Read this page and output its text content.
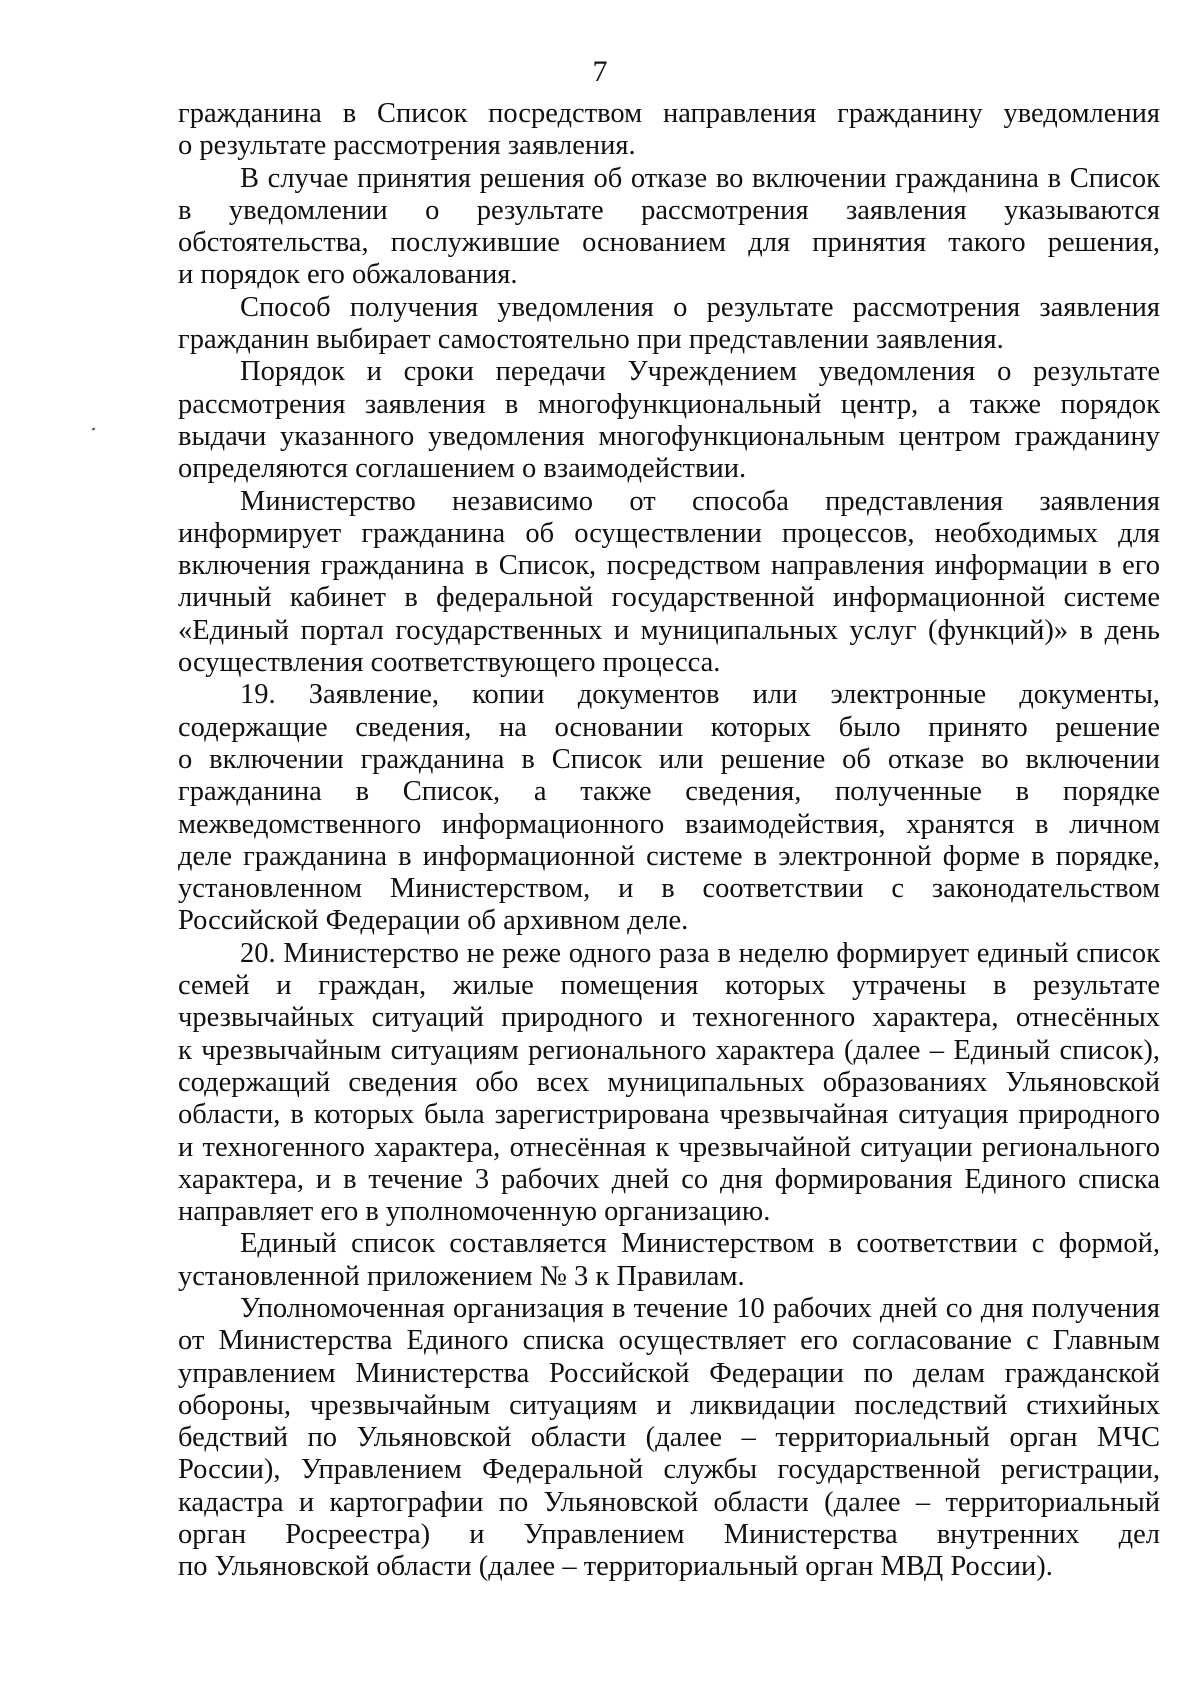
7
гражданина в Список посредством направления гражданину уведомления
о результате рассмотрения заявления.
В случае принятия решения об отказе во включении гражданина в Список
в уведомлении о результате рассмотрения заявления указываются
обстоятельства, послужившие основанием для принятия такого решения,
и порядок его обжалования.
Способ получения уведомления о результате рассмотрения заявления
гражданин выбирает самостоятельно при представлении заявления.
Порядок и сроки передачи Учреждением уведомления о результате
рассмотрения заявления в многофункциональный центр, а также порядок
выдачи указанного уведомления многофункциональным центром гражданину
определяются соглашением о взаимодействии.
Министерство независимо от способа представления заявления
информирует гражданина об осуществлении процессов, необходимых для
включения гражданина в Список, посредством направления информации в его
личный кабинет в федеральной государственной информационной системе
«Единый портал государственных и муниципальных услуг (функций)» в день
осуществления соответствующего процесса.
19. Заявление, копии документов или электронные документы,
содержащие сведения, на основании которых было принято решение
о включении гражданина в Список или решение об отказе во включении
гражданина в Список, а также сведения, полученные в порядке
межведомственного информационного взаимодействия, хранятся в личном
деле гражданина в информационной системе в электронной форме в порядке,
установленном Министерством, и в соответствии с законодательством
Российской Федерации об архивном деле.
20. Министерство не реже одного раза в неделю формирует единый список
семей и граждан, жилые помещения которых утрачены в результате
чрезвычайных ситуаций природного и техногенного характера, отнесённых
к чрезвычайным ситуациям регионального характера (далее – Единый список),
содержащий сведения обо всех муниципальных образованиях Ульяновской
области, в которых была зарегистрирована чрезвычайная ситуация природного
и техногенного характера, отнесённая к чрезвычайной ситуации регионального
характера, и в течение 3 рабочих дней со дня формирования Единого списка
направляет его в уполномоченную организацию.
Единый список составляется Министерством в соответствии с формой,
установленной приложением № 3 к Правилам.
Уполномоченная организация в течение 10 рабочих дней со дня получения
от Министерства Единого списка осуществляет его согласование с Главным
управлением Министерства Российской Федерации по делам гражданской
обороны, чрезвычайным ситуациям и ликвидации последствий стихийных
бедствий по Ульяновской области (далее – территориальный орган МЧС
России), Управлением Федеральной службы государственной регистрации,
кадастра и картографии по Ульяновской области (далее – территориальный
орган Росреестра) и Управлением Министерства внутренних дел
по Ульяновской области (далее – территориальный орган МВД России).
